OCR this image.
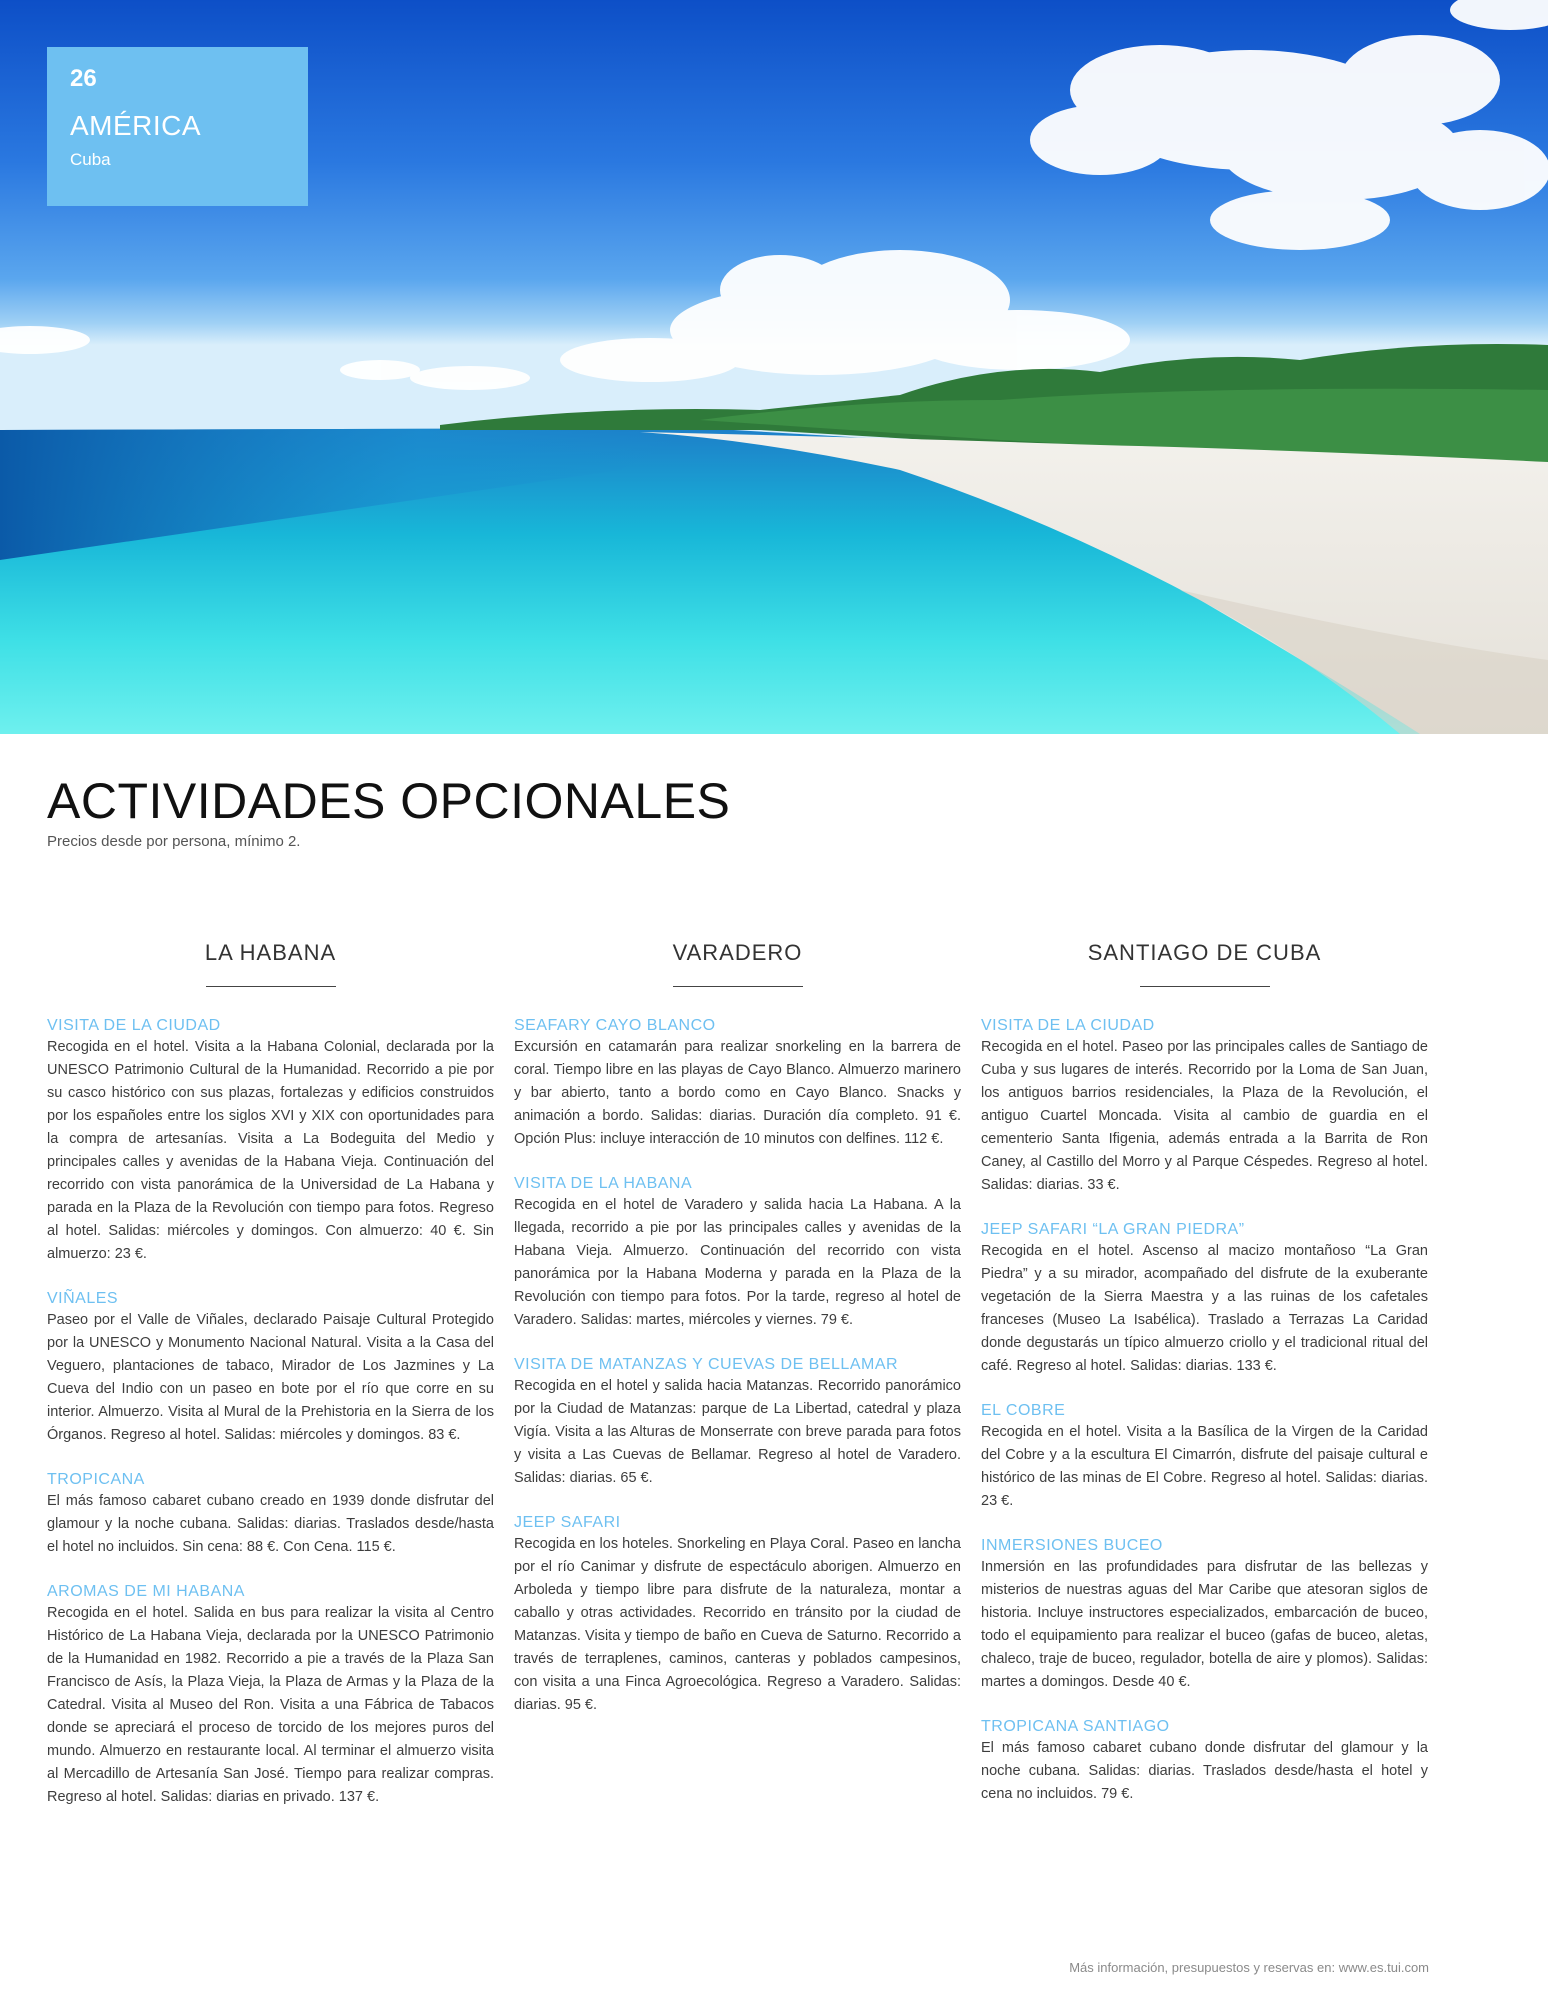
26
AMÉRICA
Cuba
ACTIVIDADES OPCIONALES
Precios desde por persona, mínimo 2.
LA HABANA
VISITA DE LA CIUDAD

Recogida en el hotel. Visita a la Habana Colonial, declarada por la UNESCO Patrimonio Cultural de la Humanidad. Recorrido a pie por su casco histórico con sus plazas, fortalezas y edificios construidos por los españoles entre los siglos XVI y XIX con oportunidades para la compra de artesanías. Visita a La Bodeguita del Medio y principales calles y avenidas de la Habana Vieja. Continuación del recorrido con vista panorámica de la Universidad de La Habana y parada en la Plaza de la Revolución con tiempo para fotos. Regreso al hotel. Salidas: miércoles y domingos. Con almuerzo: 40 €. Sin almuerzo: 23 €.

VIÑALES

Paseo por el Valle de Viñales, declarado Paisaje Cultural Protegido por la UNESCO y Monumento Nacional Natural. Visita a la Casa del Veguero, plantaciones de tabaco, Mirador de Los Jazmines y La Cueva del Indio con un paseo en bote por el río que corre en su interior. Almuerzo. Visita al Mural de la Prehistoria en la Sierra de los Órganos. Regreso al hotel. Salidas: miércoles y domingos. 83 €.

TROPICANA

El más famoso cabaret cubano creado en 1939 donde disfrutar del glamour y la noche cubana. Salidas: diarias. Traslados desde/hasta el hotel no incluidos. Sin cena: 88 €. Con Cena. 115 €.

AROMAS DE MI HABANA

Recogida en el hotel. Salida en bus para realizar la visita al Centro Histórico de La Habana Vieja, declarada por la UNESCO Patrimonio de la Humanidad en 1982. Recorrido a pie a través de la Plaza San Francisco de Asís, la Plaza Vieja, la Plaza de Armas y la Plaza de la Catedral. Visita al Museo del Ron. Visita a una Fábrica de Tabacos donde se apreciará el proceso de torcido de los mejores puros del mundo. Almuerzo en restaurante local. Al terminar el almuerzo visita al Mercadillo de Artesanía San José. Tiempo para realizar compras. Regreso al hotel. Salidas: diarias en privado. 137 €.

VARADERO
SEAFARY CAYO BLANCO

Excursión en catamarán para realizar snorkeling en la barrera de coral. Tiempo libre en las playas de Cayo Blanco. Almuerzo marinero y bar abierto, tanto a bordo como en Cayo Blanco. Snacks y animación a bordo. Salidas: diarias. Duración día completo. 91 €. Opción Plus: incluye interacción de 10 minutos con delfines. 112 €.

VISITA DE LA HABANA

Recogida en el hotel de Varadero y salida hacia La Habana. A la llegada, recorrido a pie por las principales calles y avenidas de la Habana Vieja. Almuerzo. Continuación del recorrido con vista panorámica por la Habana Moderna y parada en la Plaza de la Revolución con tiempo para fotos. Por la tarde, regreso al hotel de Varadero. Salidas: martes, miércoles y viernes. 79 €.

VISITA DE MATANZAS Y CUEVAS DE BELLAMAR

Recogida en el hotel y salida hacia Matanzas. Recorrido panorámico por la Ciudad de Matanzas: parque de La Libertad, catedral y plaza Vigía. Visita a las Alturas de Monserrate con breve parada para fotos y visita a Las Cuevas de Bellamar. Regreso al hotel de Varadero. Salidas: diarias. 65 €.

JEEP SAFARI

Recogida en los hoteles. Snorkeling en Playa Coral. Paseo en lancha por el río Canimar y disfrute de espectáculo aborigen. Almuerzo en Arboleda y tiempo libre para disfrute de la naturaleza, montar a caballo y otras actividades. Recorrido en tránsito por la ciudad de Matanzas. Visita y tiempo de baño en Cueva de Saturno. Recorrido a través de terraplenes, caminos, canteras y poblados campesinos, con visita a una Finca Agroecológica. Regreso a Varadero. Salidas: diarias. 95 €.

SANTIAGO DE CUBA
VISITA DE LA CIUDAD

Recogida en el hotel. Paseo por las principales calles de Santiago de Cuba y sus lugares de interés. Recorrido por la Loma de San Juan, los antiguos barrios residenciales, la Plaza de la Revolución, el antiguo Cuartel Moncada. Visita al cambio de guardia en el cementerio Santa Ifigenia, además entrada a la Barrita de Ron Caney, al Castillo del Morro y al Parque Céspedes. Regreso al hotel. Salidas: diarias. 33 €.

JEEP SAFARI “LA GRAN PIEDRA”

Recogida en el hotel. Ascenso al macizo montañoso “La Gran Piedra” y a su mirador, acompañado del disfrute de la exuberante vegetación de la Sierra Maestra y a las ruinas de los cafetales franceses (Museo La Isabélica). Traslado a Terrazas La Caridad donde degustarás un típico almuerzo criollo y el tradicional ritual del café. Regreso al hotel. Salidas: diarias. 133 €.

EL COBRE

Recogida en el hotel. Visita a la Basílica de la Virgen de la Caridad del Cobre y a la escultura El Cimarrón, disfrute del paisaje cultural e histórico de las minas de El Cobre. Regreso al hotel. Salidas: diarias. 23 €.

INMERSIONES BUCEO

Inmersión en las profundidades para disfrutar de las bellezas y misterios de nuestras aguas del Mar Caribe que atesoran siglos de historia. Incluye instructores especializados, embarcación de buceo, todo el equipamiento para realizar el buceo (gafas de buceo, aletas, chaleco, traje de buceo, regulador, botella de aire y plomos). Salidas: martes a domingos. Desde 40 €.

TROPICANA SANTIAGO

El más famoso cabaret cubano donde disfrutar del glamour y la noche cubana. Salidas: diarias. Traslados desde/hasta el hotel y cena no incluidos. 79 €.

Más información, presupuestos y reservas en: www.es.tui.com
